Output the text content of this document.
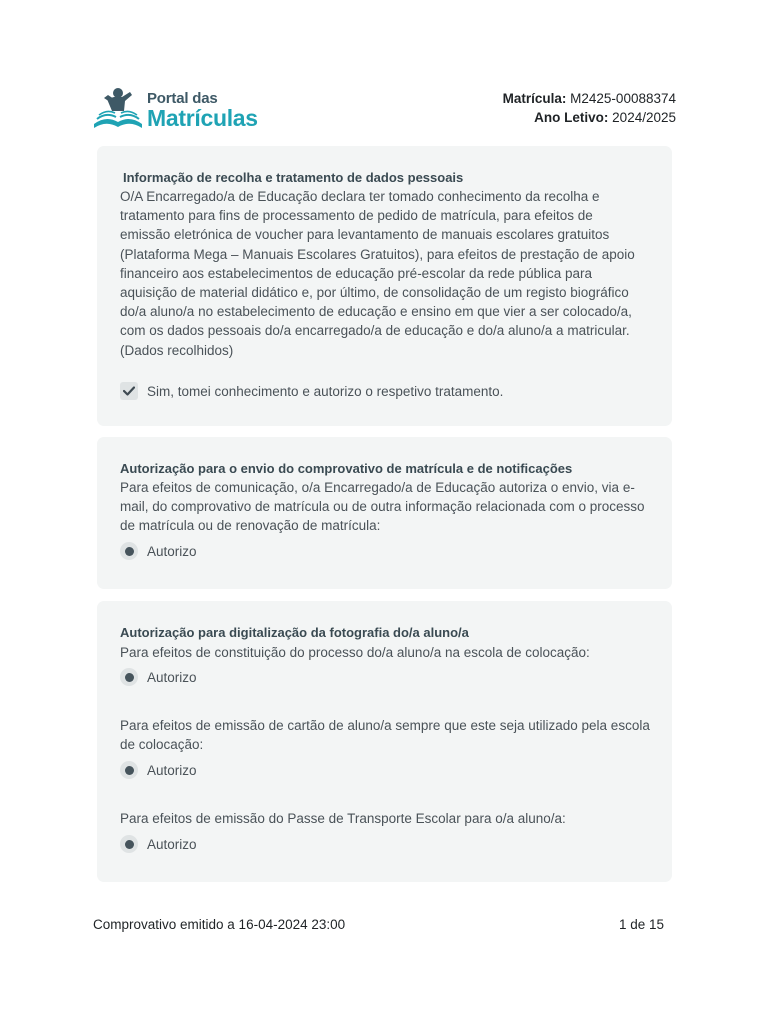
Portal das
Matrículas
Matrícula: M2425-00088374
Ano Letivo: 2024/2025
Informação de recolha e tratamento de dados pessoais
O/A Encarregado/a de Educação declara ter tomado conhecimento da recolha e tratamento para fins de processamento de pedido de matrícula, para efeitos de emissão eletrónica de voucher para levantamento de manuais escolares gratuitos (Plataforma Mega – Manuais Escolares Gratuitos), para efeitos de prestação de apoio financeiro aos estabelecimentos de educação pré-escolar da rede pública para aquisição de material didático e, por último, de consolidação de um registo biográfico do/a aluno/a no estabelecimento de educação e ensino em que vier a ser colocado/a, com os dados pessoais do/a encarregado/a de educação e do/a aluno/a a matricular. (Dados recolhidos)
Sim, tomei conhecimento e autorizo o respetivo tratamento.
Autorização para o envio do comprovativo de matrícula e de notificações
Para efeitos de comunicação, o/a Encarregado/a de Educação autoriza o envio, via e-mail, do comprovativo de matrícula ou de outra informação relacionada com o processo de matrícula ou de renovação de matrícula:
Autorizo
Autorização para digitalização da fotografia do/a aluno/a
Para efeitos de constituição do processo do/a aluno/a na escola de colocação:
Autorizo
Para efeitos de emissão de cartão de aluno/a sempre que este seja utilizado pela escola de colocação:
Autorizo
Para efeitos de emissão do Passe de Transporte Escolar para o/a aluno/a:
Autorizo
Comprovativo emitido a 16-04-2024 23:00	1 de 15
